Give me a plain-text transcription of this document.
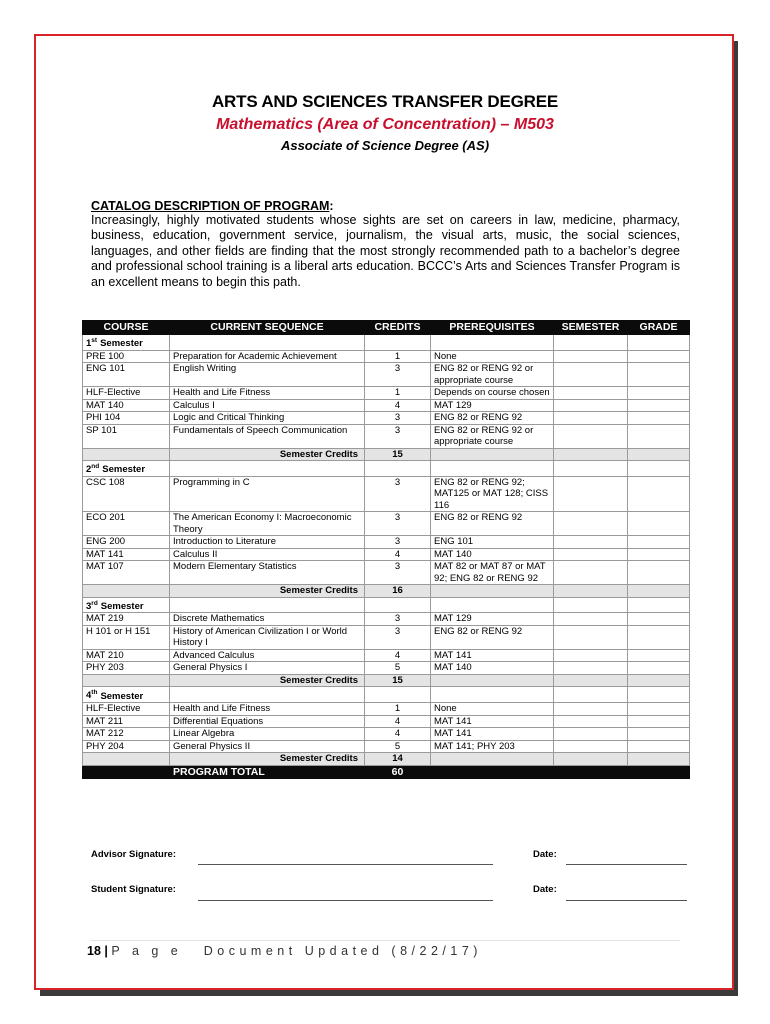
ARTS AND SCIENCES TRANSFER DEGREE
Mathematics (Area of Concentration) – M503
Associate of Science Degree (AS)
CATALOG DESCRIPTION OF PROGRAM:
Increasingly, highly motivated students whose sights are set on careers in law, medicine, pharmacy, business, education, government service, journalism, the visual arts, music, the social sciences, languages, and other fields are finding that the most strongly recommended path to a bachelor’s degree and professional school training is a liberal arts education. BCCC’s Arts and Sciences Transfer Program is an excellent means to begin this path.
COURSE	CURRENT SEQUENCE	CREDITS	PREREQUISITES	SEMESTER	GRADE
1st Semester					
PRE 100	Preparation for Academic Achievement	1	None		
ENG 101	English Writing	3	ENG 82 or RENG 92 or appropriate course		
HLF-Elective	Health and Life Fitness	1	Depends on course chosen		
MAT 140	Calculus I	4	MAT 129		
PHI 104	Logic and Critical Thinking	3	ENG 82 or RENG 92		
SP 101	Fundamentals of Speech Communication	3	ENG 82 or RENG 92 or appropriate course		
	Semester Credits	15			
2nd Semester					
CSC 108	Programming in C	3	ENG 82 or RENG 92; MAT125 or MAT 128; CISS 116		
ECO 201	The American Economy I: Macroeconomic Theory	3	ENG 82 or RENG 92		
ENG 200	Introduction to Literature	3	ENG 101		
MAT 141	Calculus II	4	MAT 140		
MAT 107	Modern Elementary Statistics	3	MAT 82 or MAT 87 or MAT 92; ENG 82 or RENG 92		
	Semester Credits	16			
3rd Semester					
MAT 219	Discrete Mathematics	3	MAT 129		
H 101 or H 151	History of American Civilization I or World History I	3	ENG 82 or RENG 92		
MAT 210	Advanced Calculus	4	MAT 141		
PHY 203	General Physics I	5	MAT 140		
	Semester Credits	15			
4th Semester					
HLF-Elective	Health and Life Fitness	1	None		
MAT 211	Differential Equations	4	MAT 141		
MAT 212	Linear Algebra	4	MAT 141		
PHY 204	General Physics II	5	MAT 141; PHY 203		
	Semester Credits	14			
	PROGRAM TOTAL	60			
Advisor Signature:	Date:
Student Signature:	Date:
18 | P a g e Document Updated (8/22/17)
